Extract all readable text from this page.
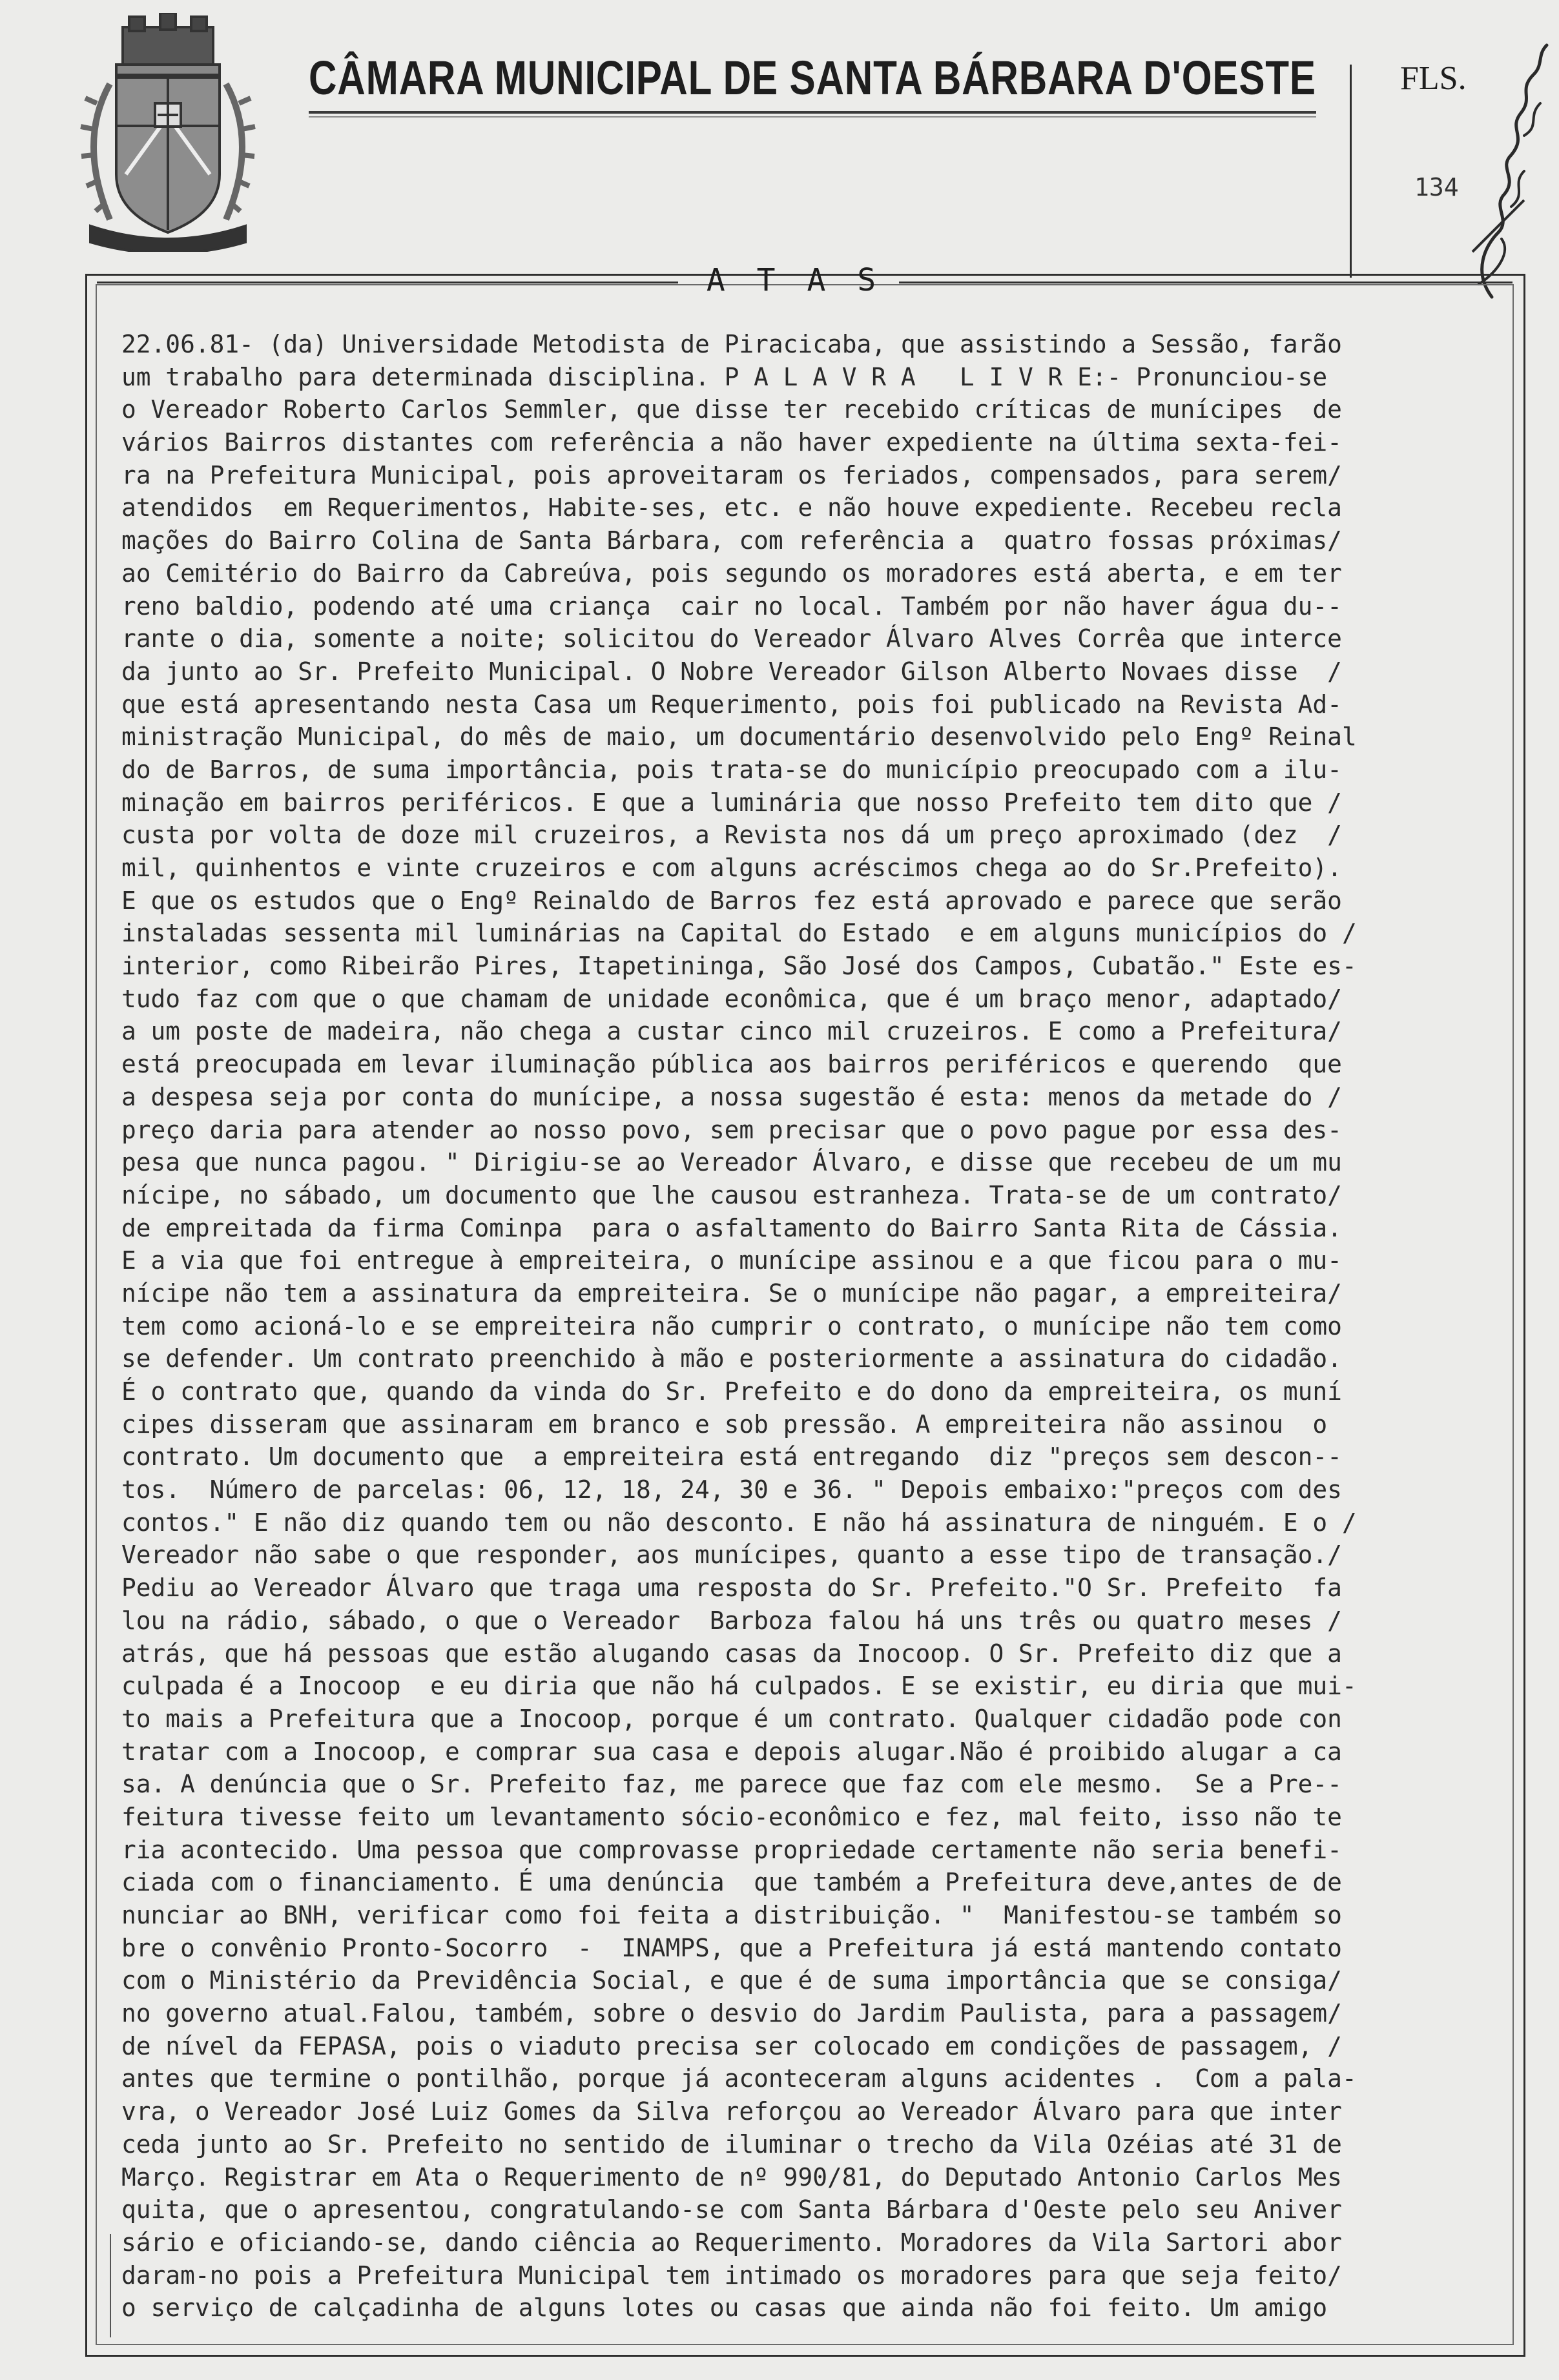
CÂMARA MUNICIPAL DE SANTA BÁRBARA D'OESTE	FLS.
134
A T A S
22.06.81- (da) Universidade Metodista de Piracicaba, que assistindo a Sessão, farão
um trabalho para determinada disciplina. P A L A V R A   L I V R E:- Pronunciou-se
o Vereador Roberto Carlos Semmler, que disse ter recebido críticas de munícipes  de
vários Bairros distantes com referência a não haver expediente na última sexta-fei-
ra na Prefeitura Municipal, pois aproveitaram os feriados, compensados, para serem/
atendidos  em Requerimentos, Habite-ses, etc. e não houve expediente. Recebeu recla
mações do Bairro Colina de Santa Bárbara, com referência a  quatro fossas próximas/
ao Cemitério do Bairro da Cabreúva, pois segundo os moradores está aberta, e em ter
reno baldio, podendo até uma criança  cair no local. Também por não haver água du--
rante o dia, somente a noite; solicitou do Vereador Álvaro Alves Corrêa que interce
da junto ao Sr. Prefeito Municipal. O Nobre Vereador Gilson Alberto Novaes disse  /
que está apresentando nesta Casa um Requerimento, pois foi publicado na Revista Ad-
ministração Municipal, do mês de maio, um documentário desenvolvido pelo Engº Reinal
do de Barros, de suma importância, pois trata-se do município preocupado com a ilu-
minação em bairros periféricos. E que a luminária que nosso Prefeito tem dito que /
custa por volta de doze mil cruzeiros, a Revista nos dá um preço aproximado (dez  /
mil, quinhentos e vinte cruzeiros e com alguns acréscimos chega ao do Sr.Prefeito).
E que os estudos que o Engº Reinaldo de Barros fez está aprovado e parece que serão
instaladas sessenta mil luminárias na Capital do Estado  e em alguns municípios do /
interior, como Ribeirão Pires, Itapetininga, São José dos Campos, Cubatão." Este es-
tudo faz com que o que chamam de unidade econômica, que é um braço menor, adaptado/
a um poste de madeira, não chega a custar cinco mil cruzeiros. E como a Prefeitura/
está preocupada em levar iluminação pública aos bairros periféricos e querendo  que
a despesa seja por conta do munícipe, a nossa sugestão é esta: menos da metade do /
preço daria para atender ao nosso povo, sem precisar que o povo pague por essa des-
pesa que nunca pagou. " Dirigiu-se ao Vereador Álvaro, e disse que recebeu de um mu
nícipe, no sábado, um documento que lhe causou estranheza. Trata-se de um contrato/
de empreitada da firma Cominpa  para o asfaltamento do Bairro Santa Rita de Cássia.
E a via que foi entregue à empreiteira, o munícipe assinou e a que ficou para o mu-
nícipe não tem a assinatura da empreiteira. Se o munícipe não pagar, a empreiteira/
tem como acioná-lo e se empreiteira não cumprir o contrato, o munícipe não tem como
se defender. Um contrato preenchido à mão e posteriormente a assinatura do cidadão.
É o contrato que, quando da vinda do Sr. Prefeito e do dono da empreiteira, os muní
cipes disseram que assinaram em branco e sob pressão. A empreiteira não assinou  o
contrato. Um documento que  a empreiteira está entregando  diz "preços sem descon--
tos.  Número de parcelas: 06, 12, 18, 24, 30 e 36. " Depois embaixo:"preços com des
contos." E não diz quando tem ou não desconto. E não há assinatura de ninguém. E o /
Vereador não sabe o que responder, aos munícipes, quanto a esse tipo de transação./
Pediu ao Vereador Álvaro que traga uma resposta do Sr. Prefeito."O Sr. Prefeito  fa
lou na rádio, sábado, o que o Vereador  Barboza falou há uns três ou quatro meses /
atrás, que há pessoas que estão alugando casas da Inocoop. O Sr. Prefeito diz que a
culpada é a Inocoop  e eu diria que não há culpados. E se existir, eu diria que mui-
to mais a Prefeitura que a Inocoop, porque é um contrato. Qualquer cidadão pode con
tratar com a Inocoop, e comprar sua casa e depois alugar.Não é proibido alugar a ca
sa. A denúncia que o Sr. Prefeito faz, me parece que faz com ele mesmo.  Se a Pre--
feitura tivesse feito um levantamento sócio-econômico e fez, mal feito, isso não te
ria acontecido. Uma pessoa que comprovasse propriedade certamente não seria benefi-
ciada com o financiamento. É uma denúncia  que também a Prefeitura deve,antes de de
nunciar ao BNH, verificar como foi feita a distribuição. "  Manifestou-se também so
bre o convênio Pronto-Socorro  -  INAMPS, que a Prefeitura já está mantendo contato
com o Ministério da Previdência Social, e que é de suma importância que se consiga/
no governo atual.Falou, também, sobre o desvio do Jardim Paulista, para a passagem/
de nível da FEPASA, pois o viaduto precisa ser colocado em condições de passagem, /
antes que termine o pontilhão, porque já aconteceram alguns acidentes .  Com a pala-
vra, o Vereador José Luiz Gomes da Silva reforçou ao Vereador Álvaro para que inter
ceda junto ao Sr. Prefeito no sentido de iluminar o trecho da Vila Ozéias até 31 de
Março. Registrar em Ata o Requerimento de nº 990/81, do Deputado Antonio Carlos Mes
quita, que o apresentou, congratulando-se com Santa Bárbara d'Oeste pelo seu Aniver
sário e oficiando-se, dando ciência ao Requerimento. Moradores da Vila Sartori abor
daram-no pois a Prefeitura Municipal tem intimado os moradores para que seja feito/
o serviço de calçadinha de alguns lotes ou casas que ainda não foi feito. Um amigo
